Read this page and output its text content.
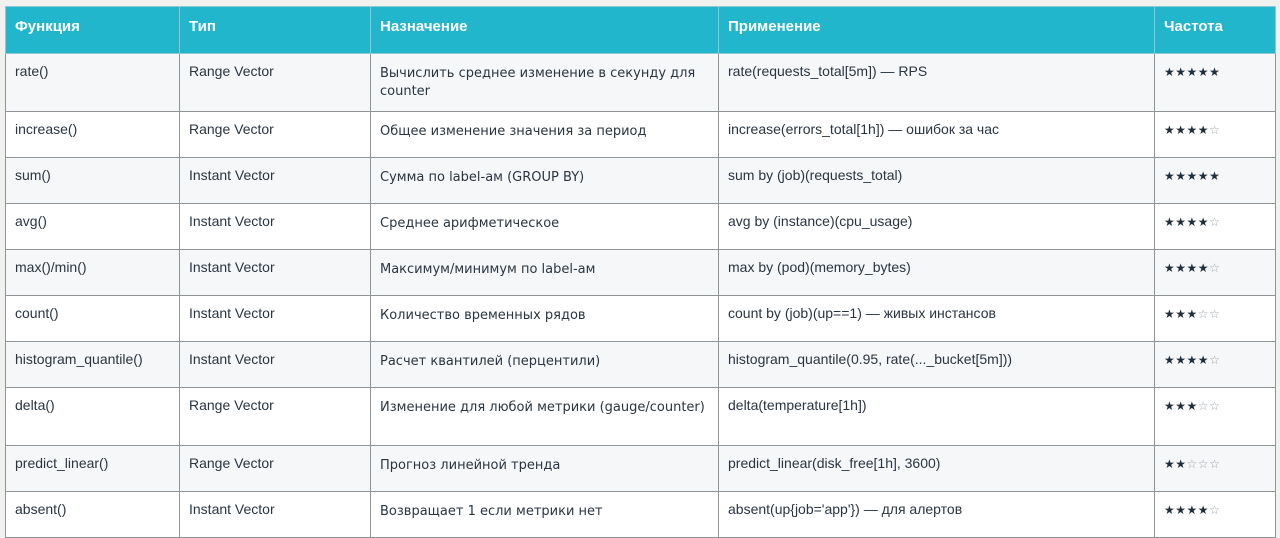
Функция	Тип	Назначение	Применение	Частота
rate()	Range Vector	Вычислить среднее изменение в секунду для counter	rate(requests_total[5m]) — RPS	★★★★★
increase()	Range Vector	Общее изменение значения за период	increase(errors_total[1h]) — ошибок за час	★★★★☆
sum()	Instant Vector	Сумма по label-ам (GROUP BY)	sum by (job)(requests_total)	★★★★★
avg()	Instant Vector	Среднее арифметическое	avg by (instance)(cpu_usage)	★★★★☆
max()/min()	Instant Vector	Максимум/минимум по label-ам	max by (pod)(memory_bytes)	★★★★☆
count()	Instant Vector	Количество временных рядов	count by (job)(up==1) — живых инстансов	★★★☆☆
histogram_quantile()	Instant Vector	Расчет квантилей (перцентили)	histogram_quantile(0.95, rate(..._bucket[5m]))	★★★★☆
delta()	Range Vector	Изменение для любой метрики (gauge/counter)	delta(temperature[1h])	★★★☆☆
predict_linear()	Range Vector	Прогноз линейной тренда	predict_linear(disk_free[1h], 3600)	★★☆☆☆
absent()	Instant Vector	Возвращает 1 если метрики нет	absent(up{job='app'}) — для алертов	★★★★☆
